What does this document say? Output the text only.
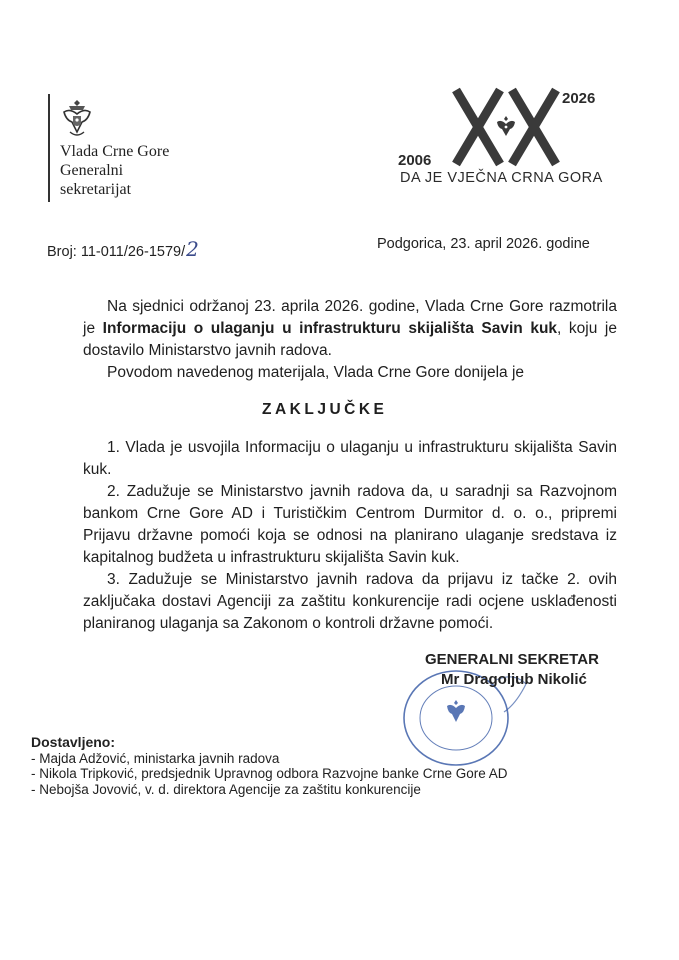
Vlada Crne Gore
Generalni
sekretarijat
2026
2006
DA JE VJEČNA CRNA GORA
Broj: 11-011/26-1579/2	Podgorica, 23. april 2026. godine
Na sjednici održanoj 23. aprila 2026. godine, Vlada Crne Gore razmotrila je Informaciju o ulaganju u infrastrukturu skijališta Savin kuk, koju je dostavilo Ministarstvo javnih radova.
Povodom navedenog materijala, Vlada Crne Gore donijela je
ZAKLJUČKE
1. Vlada je usvojila Informaciju o ulaganju u infrastrukturu skijališta Savin kuk.
2. Zadužuje se Ministarstvo javnih radova da, u saradnji sa Razvojnom bankom Crne Gore AD i Turističkim Centrom Durmitor d. o. o., pripremi Prijavu državne pomoći koja se odnosi na planirano ulaganje sredstava iz kapitalnog budžeta u infrastrukturu skijališta Savin kuk.
3. Zadužuje se Ministarstvo javnih radova da prijavu iz tačke 2. ovih zaključaka dostavi Agenciji za zaštitu konkurencije radi ocjene usklađenosti planiranog ulaganja sa Zakonom o kontroli državne pomoći.
GENERALNI SEKRETAR
Mr Dragoljub Nikolić
Dostavljeno:
- Majda Adžović, ministarka javnih radova
- Nikola Tripković, predsjednik Upravnog odbora Razvojne banke Crne Gore AD
- Nebojša Jovović, v. d. direktora Agencije za zaštitu konkurencije
